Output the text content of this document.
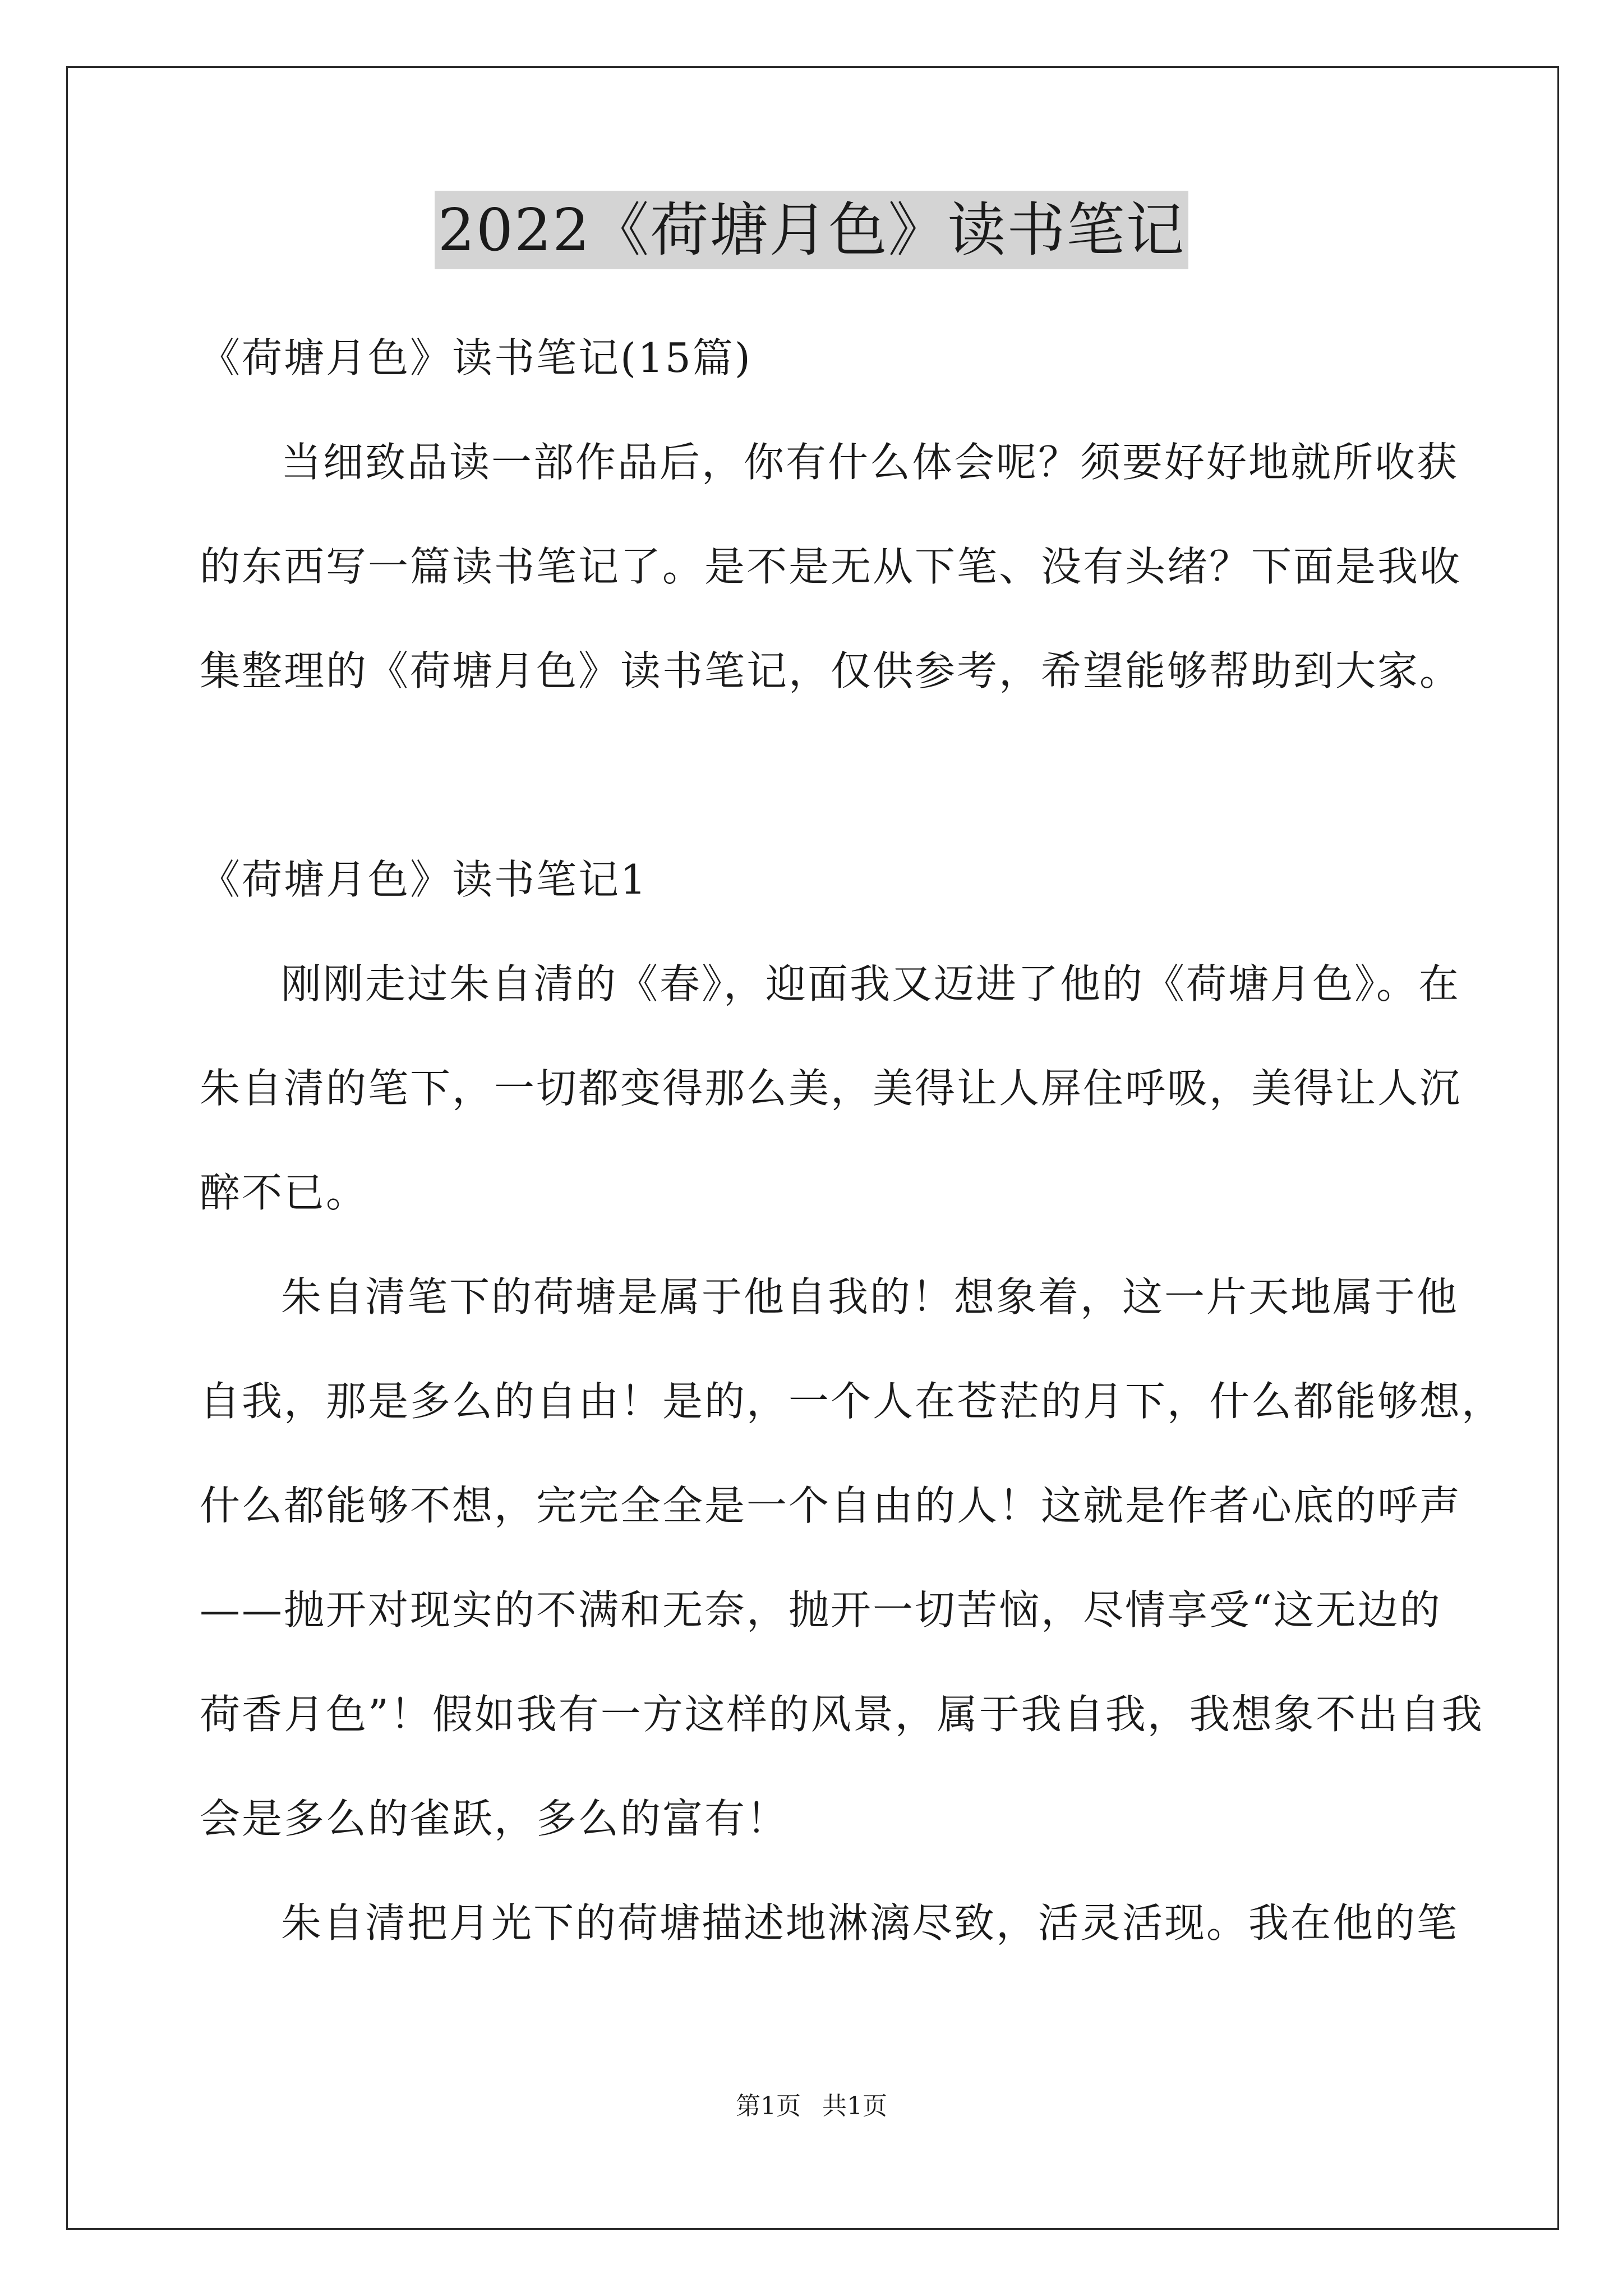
2022《荷塘月色》读书笔记
《荷塘月色》读书笔记(15篇)
当细致品读一部作品后，你有什么体会呢？须要好好地就所收获
的东西写一篇读书笔记了。是不是无从下笔、没有头绪？下面是我收
集整理的《荷塘月色》读书笔记，仅供参考，希望能够帮助到大家。
《荷塘月色》读书笔记1
刚刚走过朱自清的《春》，迎面我又迈进了他的《荷塘月色》。在
朱自清的笔下，一切都变得那么美，美得让人屏住呼吸，美得让人沉
醉不已。
朱自清笔下的荷塘是属于他自我的！想象着，这一片天地属于他
自我，那是多么的自由！是的，一个人在苍茫的月下，什么都能够想，
什么都能够不想，完完全全是一个自由的人！这就是作者心底的呼声
——抛开对现实的不满和无奈，抛开一切苦恼，尽情享受“这无边的
荷香月色”！假如我有一方这样的风景，属于我自我，我想象不出自我
会是多么的雀跃，多么的富有！
朱自清把月光下的荷塘描述地淋漓尽致，活灵活现。我在他的笔
第1页 共1页
